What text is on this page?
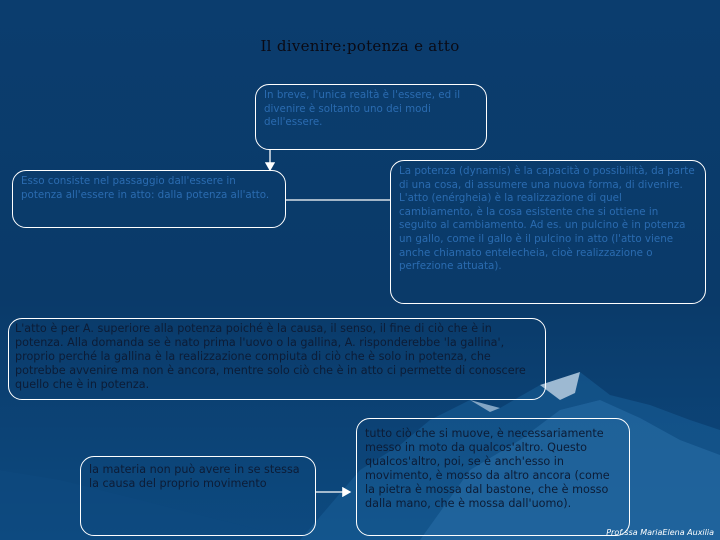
Il divenire:potenza e atto
In breve, l'unica realtà è l'essere, ed il divenire è soltanto uno dei modi dell'essere.
Esso consiste nel passaggio dall'essere in potenza all'essere in atto: dalla potenza all'atto.
La potenza (dynamis) è la capacità o possibilità, da parte di una cosa, di assumere una nuova forma, di divenire. L'atto (enérgheia) è la realizzazione di quel cambiamento, è la cosa esistente che si ottiene in seguito al cambiamento. Ad es. un pulcino è in potenza un gallo, come il gallo è il pulcino in atto (l'atto viene anche chiamato entelecheia, cioè realizzazione o perfezione attuata).
L'atto è per A. superiore alla potenza poiché è la causa, il senso, il fine di ciò che è in potenza. Alla domanda se è nato prima l'uovo o la gallina, A. risponderebbe 'la gallina', proprio perché la gallina è la realizzazione compiuta di ciò che è solo in potenza, che potrebbe avvenire ma non è ancora, mentre solo ciò che è in atto ci permette di conoscere quello che è in potenza.
la materia non può avere in se stessa la causa del proprio movimento
tutto ciò che si muove, è necessariamente messo in moto da qualcos'altro. Questo qualcos'altro, poi, se è anch'esso in movimento, è mosso da altro ancora (come la pietra è mossa dal bastone, che è mosso dalla mano, che è mossa dall'uomo).
Prof.ssa MariaElena Auxilia
